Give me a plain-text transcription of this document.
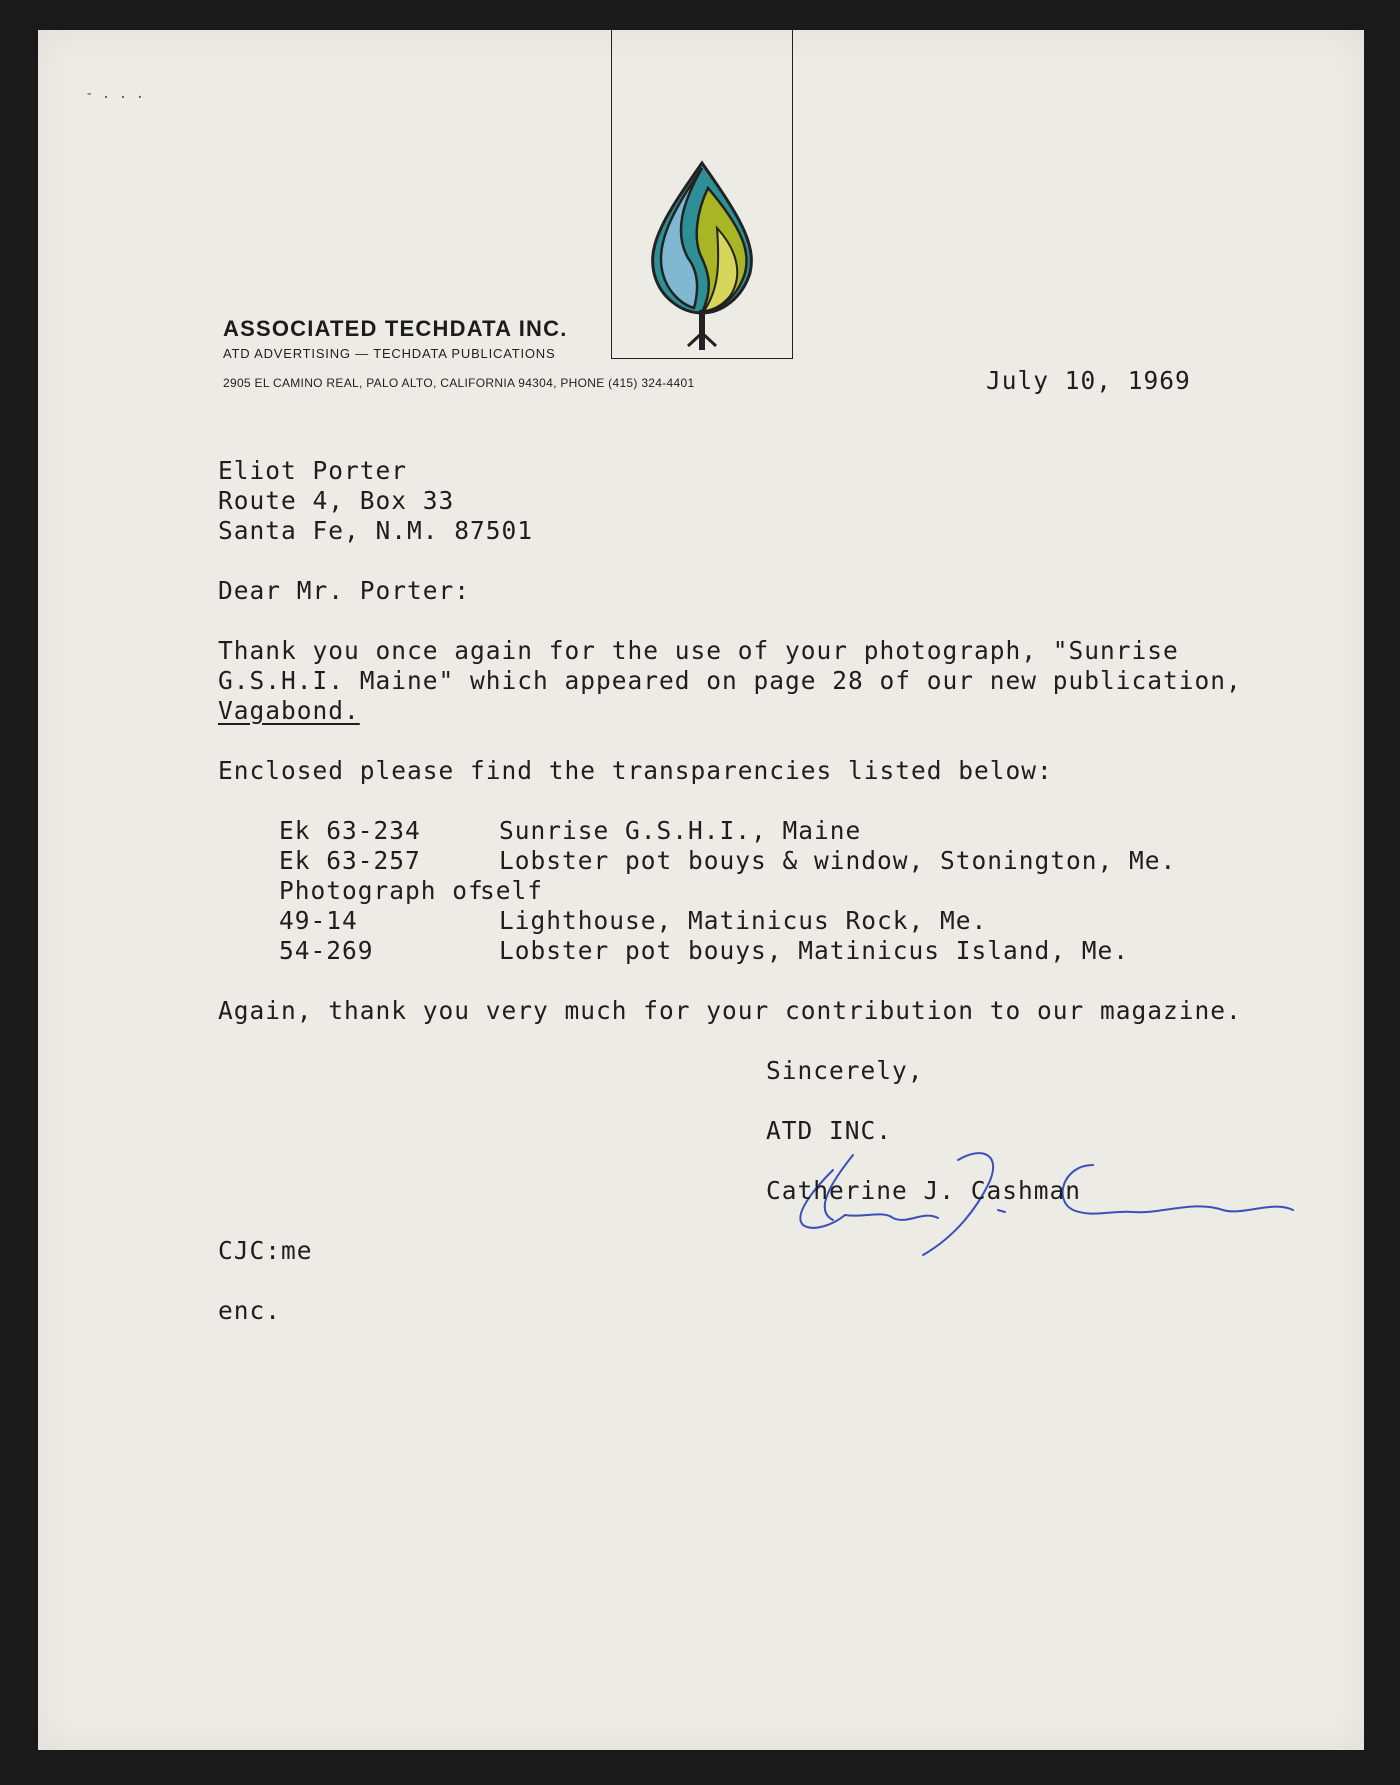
- . . .
ASSOCIATED TECHDATA INC.
ATD ADVERTISING — TECHDATA PUBLICATIONS
2905 EL CAMINO REAL, PALO ALTO, CALIFORNIA 94304, PHONE (415) 324-4401	July 10, 1969
Eliot Porter
Route 4, Box 33
Santa Fe, N.M. 87501
Dear Mr. Porter:
Thank you once again for the use of your photograph, "Sunrise
G.S.H.I. Maine" which appeared on page 28 of our new publication,
Vagabond.
Enclosed please find the transparencies listed below:
Ek 63-234	Sunrise G.S.H.I., Maine
Ek 63-257	Lobster pot bouys & window, Stonington, Me.
Photograph of
self
49-14	Lighthouse, Matinicus Rock, Me.
54-269	Lobster pot bouys, Matinicus Island, Me.
Again, thank you very much for your contribution to our magazine.
Sincerely,
ATD INC.
Catherine J. Cashman
CJC:me
enc.
